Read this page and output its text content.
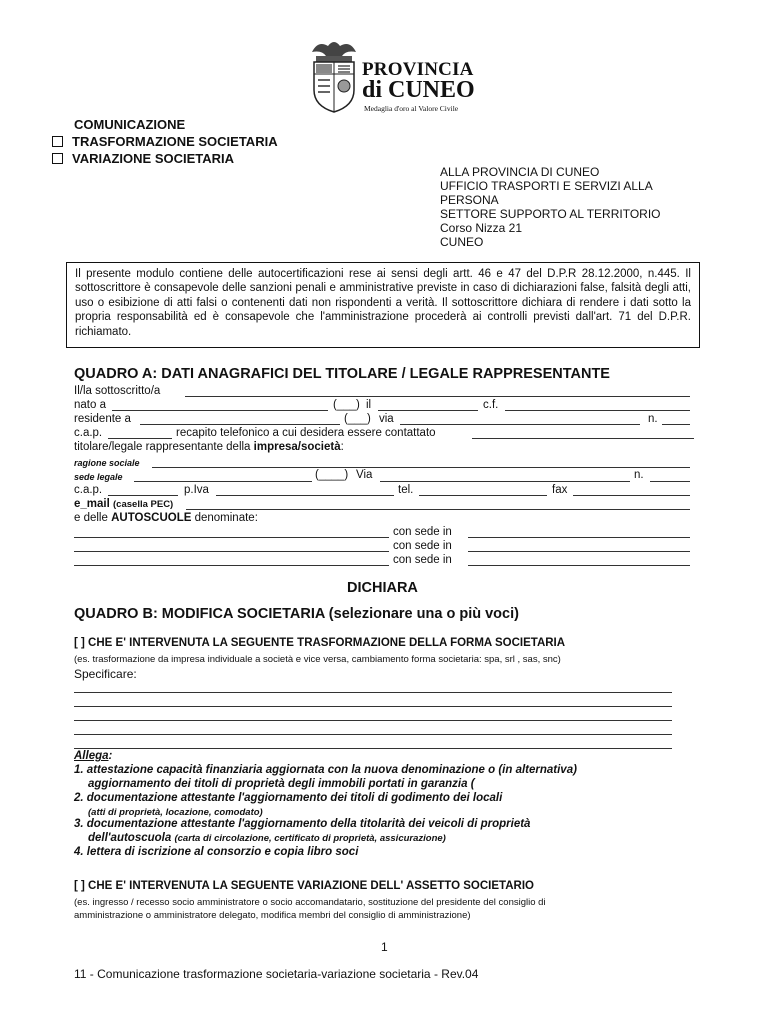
PROVINCIA
di CUNEO
Medaglia d'oro al Valore Civile
COMUNICAZIONE
TRASFORMAZIONE SOCIETARIA
VARIAZIONE SOCIETARIA
ALLA PROVINCIA DI CUNEO
UFFICIO TRASPORTI E SERVIZI ALLA
PERSONA
SETTORE SUPPORTO AL TERRITORIO
Corso Nizza 21
CUNEO
Il presente modulo contiene delle autocertificazioni rese ai sensi degli artt. 46 e 47 del D.P.R 28.12.2000, n.445. Il sottoscrittore è consapevole delle sanzioni penali e amministrative previste in caso di dichiarazioni false, falsità degli atti, uso o esibizione di atti falsi o contenenti dati non rispondenti a verità. Il sottoscrittore dichiara di rendere i dati sotto la propria responsabilità ed è consapevole che l'amministrazione procederà ai controlli previsti dall'art. 71 del D.P.R. richiamato.
QUADRO A: DATI ANAGRAFICI DEL TITOLARE / LEGALE RAPPRESENTANTE
Il/la sottoscritto/a
nato a	(___) il	c.f.
residente a	(___) via	n.
c.a.p.	recapito telefonico a cui desidera essere contattato
titolare/legale rappresentante della impresa/società:
ragione sociale
sede legale	(____) Via	n.
c.a.p.	p.Iva	tel.	fax
e_mail (casella PEC)
e delle AUTOSCUOLE denominate:
con sede in
con sede in
con sede in
DICHIARA
QUADRO B: MODIFICA SOCIETARIA (selezionare una o più voci)
[ ] CHE E' INTERVENUTA LA SEGUENTE TRASFORMAZIONE DELLA FORMA SOCIETARIA
(es. trasformazione da impresa individuale a società e vice versa, cambiamento forma societaria: spa, srl , sas, snc)
Specificare:
Allega:
1. attestazione capacità finanziaria aggiornata con la nuova denominazione o (in alternativa)
aggiornamento dei titoli di proprietà degli immobili portati in garanzia (
2. documentazione attestante l'aggiornamento dei titoli di godimento dei locali
(atti di proprietà, locazione, comodato)
3. documentazione attestante l'aggiornamento della titolarità dei veicoli di proprietà
dell'autoscuola (carta di circolazione, certificato di proprietà, assicurazione)
4. lettera di iscrizione al consorzio e copia libro soci
[ ] CHE E' INTERVENUTA LA SEGUENTE VARIAZIONE DELL' ASSETTO SOCIETARIO
(es. ingresso / recesso socio amministratore o socio accomandatario, sostituzione del presidente del consiglio di
amministrazione o amministratore delegato, modifica membri del consiglio di amministrazione)
1
11 - Comunicazione trasformazione societaria-variazione societaria - Rev.04
